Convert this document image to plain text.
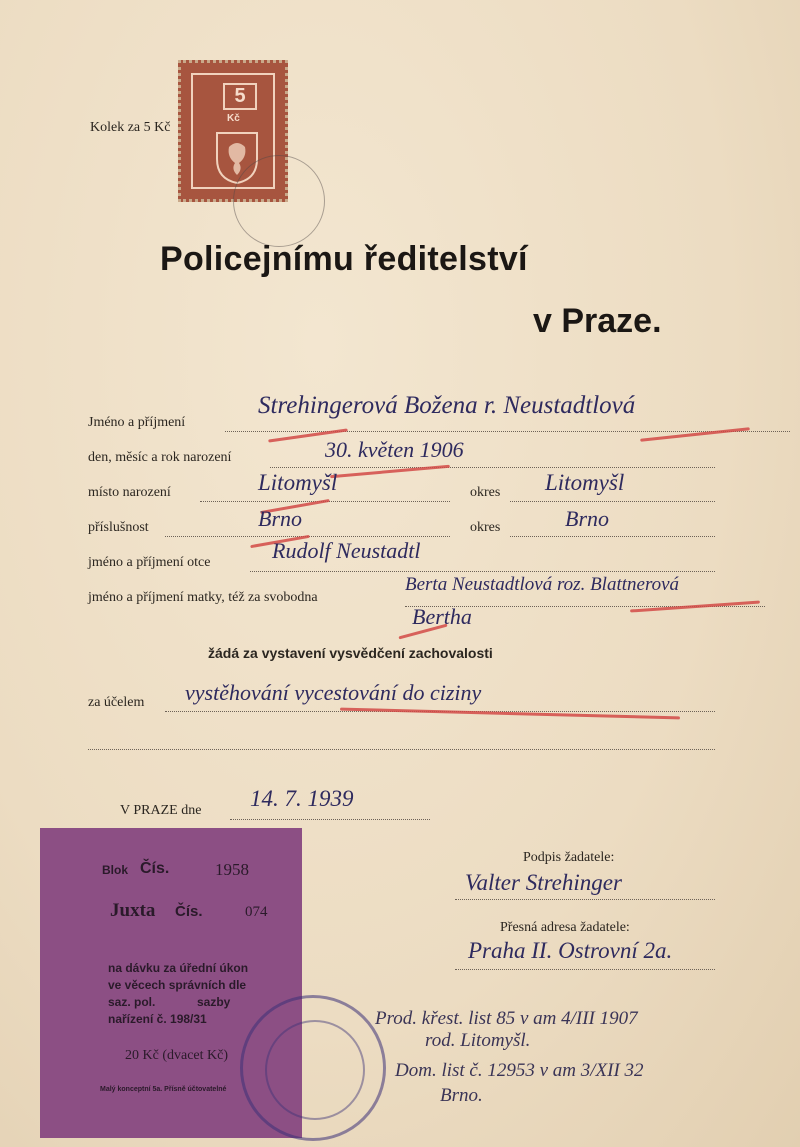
Kolek za 5 Kč
5
Kč
Policejnímu ředitelství
v Praze.
Jméno a příjmení
Strehingerová Božena r. Neustadtlová
den, měsíc a rok narození	30. květen 1906
místo narození	Litomyšl	okres Litomyšl
příslušnost	Brno	okres	Brno
jméno a příjmení otce	Rudolf Neustadtl
jméno a příjmení matky, též za svobodna
Berta Neustadtlová roz. Blattnerová
Bertha
žádá za vystavení vysvědčení zachovalosti
za účelem vystěhování vycestování do ciziny
V PRAZE dne 14. 7. 1939
Podpis žadatele:
Valter Strehinger
Přesná adresa žadatele:
Praha II. Ostrovní 2a.
Blok Čís.	1958
Juxta Čís.	074
na dávku za úřední úkon
ve věcech správních dle
saz. pol.	sazby
nařízení č. 198/31
20 Kč (dvacet Kč)
Malý konceptní 5a. Přísně účtovatelné
Prod. křest. list 85 v am 4/III 1907
rod. Litomyšl.
Dom. list č. 12953 v am 3/XII 32
Brno.
